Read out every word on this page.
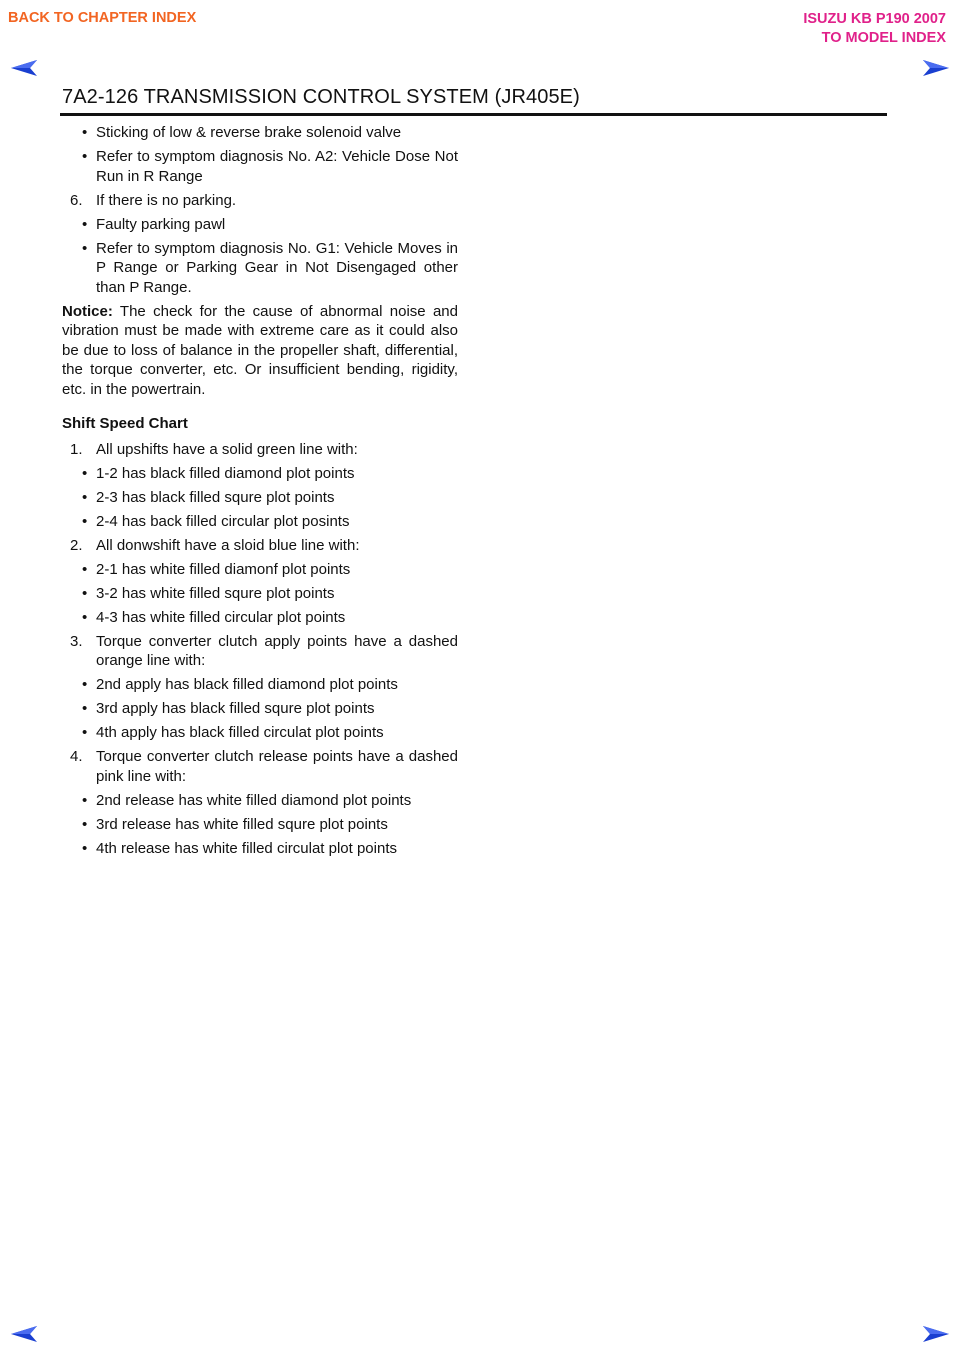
BACK TO CHAPTER INDEX	ISUZU KB P190 2007
TO MODEL INDEX
7A2-126 TRANSMISSION CONTROL SYSTEM (JR405E)
• Sticking of low & reverse brake solenoid valve
• Refer to symptom diagnosis No. A2: Vehicle Dose Not Run in R Range
6. If there is no parking.
• Faulty parking pawl
• Refer to symptom diagnosis No. G1: Vehicle Moves in P Range or Parking Gear in Not Disengaged other than P Range.
Notice: The check for the cause of abnormal noise and vibration must be made with extreme care as it could also be due to loss of balance in the propeller shaft, differential, the torque converter, etc. Or insufficient bending, rigidity, etc. in the powertrain.
Shift Speed Chart
1. All upshifts have a solid green line with:
• 1-2 has black filled diamond plot points
• 2-3 has black filled squre plot points
• 2-4 has back filled circular plot posints
2. All donwshift have a sloid blue line with:
• 2-1 has white filled diamonf plot points
• 3-2 has white filled squre plot points
• 4-3 has white filled circular plot points
3. Torque converter clutch apply points have a dashed orange line with:
• 2nd apply has black filled diamond plot points
• 3rd apply has black filled squre plot points
• 4th apply has black filled circulat plot points
4. Torque converter clutch release points have a dashed pink line with:
• 2nd release has white filled diamond plot points
• 3rd release has white filled squre plot points
• 4th release has white filled circulat plot points
